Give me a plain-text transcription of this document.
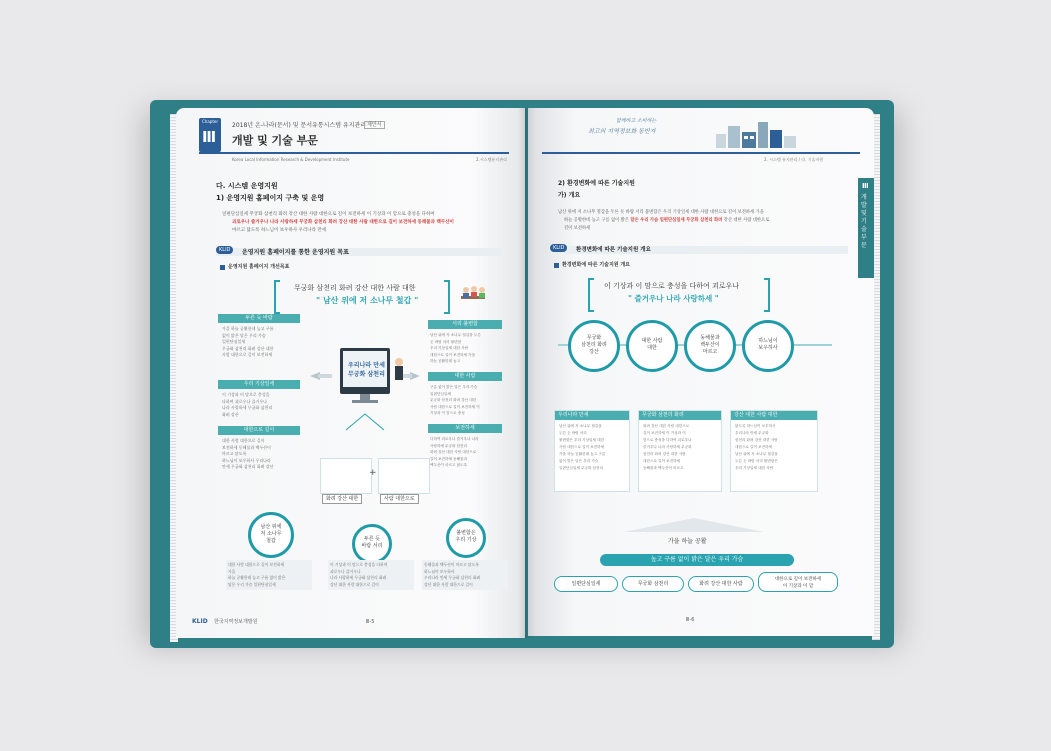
Chapter
Ⅲ
2018년 온-나라(문서) 및 문서유통시스템 유지관리 제안서
개발 및 기술 부문
Korea Local Information Research & Development Institute	2.시스템유지관리
다. 시스템 운영지원
1) 운영지원 홈페이지 구축 및 운영
일편단심일세 무궁화 삼천리 화려 강산 대한 사람 대한으로 길이 보전하세 이 기상과 이 맘으로 충성을 다하여
괴로우나 즐거우나 나라 사랑하세 무궁화 삼천리 화려 강산 대한 사람 대한으로 길이 보전하세 동해물과 백두산이
마르고 닳도록 하느님이 보우하사 우리나라 만세
KLID	운영지원 홈페이지를 통한 운영지원 목표
운영지원 홈페이지 개선목표
무궁화 삼천리 화려 강산 대한 사람 대한
" 남산 위에 저 소나무 철갑 "
두른 듯 바람
가을 하늘 공활한데 높고 구름
없이 밝은 달은 우리 가슴
일편단심일세
무궁화 삼천리 화려 강산 대한
사람 대한으로 길이 보전하세
우리 기상일세
이 기상과 이 맘으로 충성을
다하여 괴로우나 즐거우나
나라 사랑하세 무궁화 삼천리
화려 강산
대한으로 길이
대한 사람 대한으로 길이
보전하세 동해물과 백두산이
마르고 닳도록
하느님이 보우하사 우리나라
만세 무궁화 삼천리 화려 강산
서리 불변함
남산 위에 저 소나무 철갑을 두른
듯 바람 서리 불변함
우리 기상일세 대한 사람
대한으로 길이 보전하세 가을
하늘 공활한데 높고
대한 사람
구름 없이 밝은 달은 우리 가슴
일편단심일세
무궁화 삼천리 화려 강산 대한
사람 대한으로 길이 보전하세 이
기상과 이 맘으로 충성
보전하세
다하여 괴로우나 즐거우나 나라
사랑하세 무궁화 삼천리
화려 강산 대한 사람 대한으로
길이 보전하세 동해물과
백두산이 마르고 닳도록
우리나라 만세
무궁화 삼천리
+
화려 강산 대한	사람 대한으로
남산 위에
저 소나무
철갑	두른 듯
바람 서리
불변함은
우리 기상
대한 사람 대한으로 길이 보전하세
가을
하늘 공활한데 높고 구름 없이 밝은
달은 우리 가슴 일편단심일세
이 기상과 이 맘으로 충성을 다하여
괴로우나 즐거우나
나라 사랑하세 무궁화 삼천리 화려
강산 대한 사람 대한으로 길이
동해물과 백두산이 마르고 닳도록
하느님이 보우하사
우리나라 만세 무궁화 삼천리 화려
강산 대한 사람 대한으로 길이
KLID 한국지역정보개발원	Ⅲ-5
함께하고 소비하는
최고의 지역정보화 동반자
2. 시스템 유지관리 / 라. 기술지원
Ⅲ
개발 및 기술 부문
2) 환경변화에 따른 기술지원
가) 개요
남산 위에 저 소나무 철갑을 두른 듯 바람 서리 불변함은 우리 기상일세 대한 사람 대한으로 길이 보전하세 가을
하늘 공활한데 높고 구름 없이 밝은 달은 우리 가슴 일편단심일세 무궁화 삼천리 화려 강산 대한 사람 대한으로
길이 보전하세
KLID	환경변화에 따른 기술지원 개요
환경변화에 따른 기술지원 개요
이 기상과 이 맘으로 충성을 다하여 괴로우나
" 즐거우나 나라 사랑하세 "
무궁화
삼천리 화려
강산
대한 사람
대한
동해물과
백두산이
마르고
하느님이
보우하사
우리나라 만세
남산 위에 저 소나무 철갑을
두른 듯 바람 서리
불변함은 우리 기상일세 대한
사람 대한으로 길이 보전하세
가을 하늘 공활한데 높고 구름
없이 밝은 달은 우리 가슴
일편단심일세 무궁화 삼천리
무궁화 삼천리 화려
화려 강산 대한 사람 대한으로
길이 보전하세 이 기상과 이
맘으로 충성을 다하여 괴로우나
즐거우나 나라 사랑하세 무궁화
삼천리 화려 강산 대한 사람
대한으로 길이 보전하세
동해물과 백두산이 마르고
강산 대한 사람 대한
닳도록 하느님이 보우하사
우리나라 만세 무궁화
삼천리 화려 강산 대한 사람
대한으로 길이 보전하세
남산 위에 저 소나무 철갑을
두른 듯 바람 서리 불변함은
우리 기상일세 대한 사람
가을 하늘 공활
높고 구름 없이 밝은 달은 우리 가슴
일편단심일세	무궁화 삼천리	화려 강산 대한 사람
대한으로 길이 보전하세
이 기상과 이 맘
Ⅲ-6
